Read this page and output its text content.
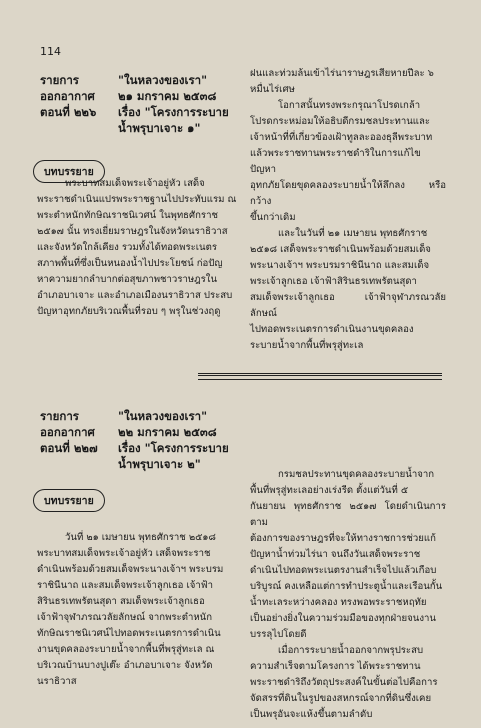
114
รายการ	"ในหลวงของเรา"
ออกอากาศ	๒๑ มกราคม ๒๕๓๘
ตอนที่ ๒๒๖	เรื่อง "โครงการระบาย
น้ำพรุบาเจาะ ๑"
บทบรรยาย

พระบาทสมเด็จพระเจ้าอยู่หัว เสด็จ

พระราชดำเนินแปรพระราชฐานไปประทับแรม ณ

พระตำหนักทักษิณราชนิเวศน์ ในพุทธศักราช

๒๕๑๗ นั้น ทรงเยี่ยมราษฎรในจังหวัดนราธิวาส

และจังหวัดใกล้เคียง รวมทั้งได้ทอดพระเนตร

สภาพพื้นที่ซึ่งเป็นหนองน้ำไปประโยชน์ ก่อปัญ

หาความยากลำบากต่อสุขภาพชาวราษฎรใน

อำเภอบาเจาะ และอำเภอเมืองนราธิวาส ประสบ

ปัญหาอุทกภัยบริเวณพื้นที่รอบ ๆ พรุในช่วงฤดู

ฝนและท่วมล้นเข้าไร่นาราษฎรเสียหายปีละ ๖

หมื่นไร่เศษ

โอกาสนั้นทรงพระกรุณาโปรดเกล้า

โปรดกระหม่อมให้อธิบดีกรมชลประทานและ

เจ้าหน้าที่ที่เกี่ยวข้องเฝ้าทูลละอองธุลีพระบาท

แล้วพระราชทานพระราชดำริในการแก้ไขปัญหา

อุทกภัยโดยขุดคลองระบายน้ำให้ลึกลง หรือกว้าง

ขึ้นกว่าเดิม

และในวันที่ ๒๑ เมษายน พุทธศักราช

๒๕๑๘ เสด็จพระราชดำเนินพร้อมด้วยสมเด็จ

พระนางเจ้าฯ พระบรมราชินีนาถ และสมเด็จ

พระเจ้าลูกเธอ เจ้าฟ้าสิรินธรเทพรัตนสุดา

สมเด็จพระเจ้าลูกเธอ เจ้าฟ้าจุฬาภรณวลัยลักษณ์

ไปทอดพระเนตรการดำเนินงานขุดคลอง

ระบายน้ำจากพื้นที่พรุสู่ทะเล

รายการ	"ในหลวงของเรา"
ออกอากาศ	๒๒ มกราคม ๒๕๓๘
ตอนที่ ๒๒๗	เรื่อง "โครงการระบาย
น้ำพรุบาเจาะ ๒"
บทบรรยาย

วันที่ ๒๑ เมษายน พุทธศักราช ๒๕๑๘

พระบาทสมเด็จพระเจ้าอยู่หัว เสด็จพระราช

ดำเนินพร้อมด้วยสมเด็จพระนางเจ้าฯ พระบรม

ราชินีนาถ และสมเด็จพระเจ้าลูกเธอ เจ้าฟ้า

สิรินธรเทพรัตนสุดา สมเด็จพระเจ้าลูกเธอ

เจ้าฟ้าจุฬาภรณวลัยลักษณ์ จากพระตำหนัก

ทักษิณราชนิเวศน์ไปทอดพระเนตรการดำเนิน

งานขุดคลองระบายน้ำจากพื้นที่พรุสู่ทะเล ณ

บริเวณบ้านบางปูเต๊ะ อำเภอบาเจาะ จังหวัด

นราธิวาส

กรมชลประทานขุดคลองระบายน้ำจาก

พื้นที่พรุสู่ทะเลอย่างเร่งรีด ตั้งแต่วันที่ ๕

กันยายน พุทธศักราช ๒๕๑๗ โดยดำเนินการตาม

ต้องการของราษฎรที่จะให้ทางราชการช่วยแก้

ปัญหาน้ำท่วมไร่นา จนถึงวันเสด็จพระราช

ดำเนินไปทอดพระเนตรงานสำเร็จไปแล้วเกือบ

บริบูรณ์ คงเหลือแต่การทำประตูน้ำและเรือนกั้น

น้ำทะเลระหว่างคลอง ทรงพอพระราชหฤทัย

เป็นอย่างยิ่งในความร่วมมือของทุกฝ่ายจนงาน

บรรลุไปโดยดี

เมื่อการระบายน้ำออกจากพรุประสบ

ความสำเร็จตามโครงการ ได้พระราชทาน

พระราชดำริถึงวัตถุประสงค์ในขั้นต่อไปคือการ

จัดสรรที่ดินในรูปของสหกรณ์จากที่ดินซึ่งเคย

เป็นพรุอันจะแห้งขึ้นตามลำดับ
